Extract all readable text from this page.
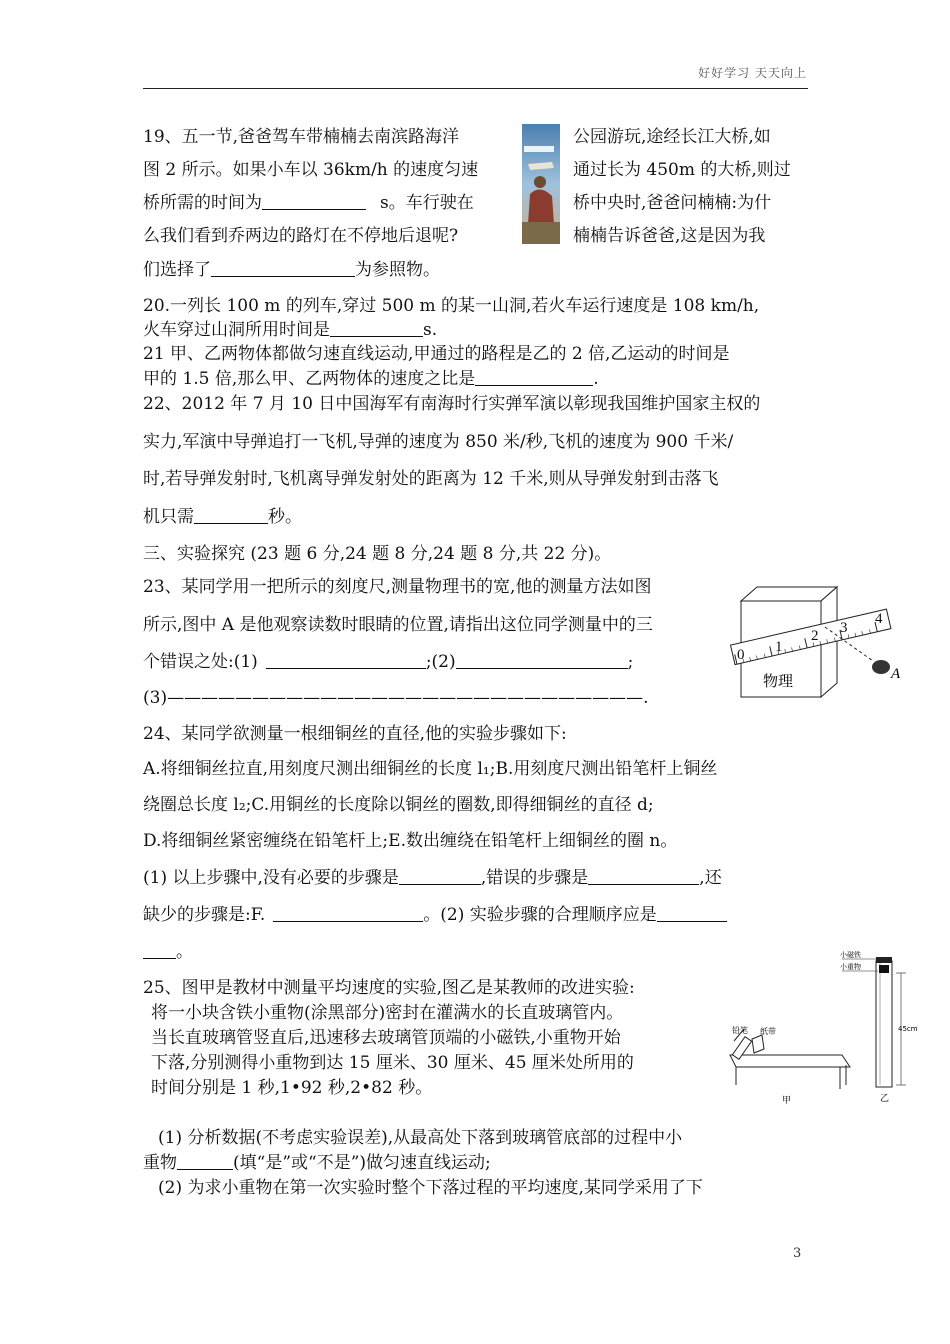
好好学习 天天向上
19、五一节,爸爸驾车带楠楠去南滨路海洋	公园游玩,途经长江大桥,如
图 2 所示。如果小车以 36km/h 的速度匀速	通过长为 450m 的大桥,则过
桥所需的时间为	s。车行驶在	桥中央时,爸爸问楠楠:为什
么我们看到乔两边的路灯在不停地后退呢?	楠楠告诉爸爸,这是因为我
们选择了	为参照物。
20.一列长 100 m 的列车,穿过 500 m 的某一山洞,若火车运行速度是 108 km/h,
火车穿过山洞所用时间是	s.
21 甲、乙两物体都做匀速直线运动,甲通过的路程是乙的 2 倍,乙运动的时间是
甲的 1.5 倍,那么甲、乙两物体的速度之比是	.
22、2012 年 7 月 10 日中国海军有南海时行实弹军演以彰现我国维护国家主权的
实力,军演中导弹追打一飞机,导弹的速度为 850 米/秒,飞机的速度为 900 千米/
时,若导弹发射时,飞机离导弹发射处的距离为 12 千米,则从导弹发射到击落飞
机只需	秒。
三、实验探究 (23 题 6 分,24 题 8 分,24 题 8 分,共 22 分)。
23、某同学用一把所示的刻度尺,测量物理书的宽,他的测量方法如图
所示,图中 A 是他观察读数时眼睛的位置,请指出这位同学测量中的三
个错误之处:(1)	;(2)	;
(3)————————————————————————————.
0 1
2 3
4
A
物理
24、某同学欲测量一根细铜丝的直径,他的实验步骤如下:
A.将细铜丝拉直,用刻度尺测出细铜丝的长度 l₁;B.用刻度尺测出铅笔杆上铜丝
绕圈总长度 l₂;C.用铜丝的长度除以铜丝的圈数,即得细铜丝的直径 d;
D.将细铜丝紧密缠绕在铅笔杆上;E.数出缠绕在铅笔杆上细铜丝的圈 n。
(1) 以上步骤中,没有必要的步骤是	,错误的步骤是	,还
缺少的步骤是:F.	。(2) 实验步骤的合理顺序应是
。
25、图甲是教材中测量平均速度的实验,图乙是某教师的改进实验:
将一小块含铁小重物(涂黑部分)密封在灌满水的长直玻璃管内。
当长直玻璃管竖直后,迅速移去玻璃管顶端的小磁铁,小重物开始
下落,分别测得小重物到达 15 厘米、30 厘米、45 厘米处所用的
时间分别是 1 秒,1•92 秒,2•82 秒。
(1) 分析数据(不考虑实验误差),从最高处下落到玻璃管底部的过程中小
重物	(填“是”或“不是”)做匀速直线运动;
(2) 为求小重物在第一次实验时整个下落过程的平均速度,某同学采用了下
铅笔 纸带
甲
小磁铁
小重物
45cm
乙
3
